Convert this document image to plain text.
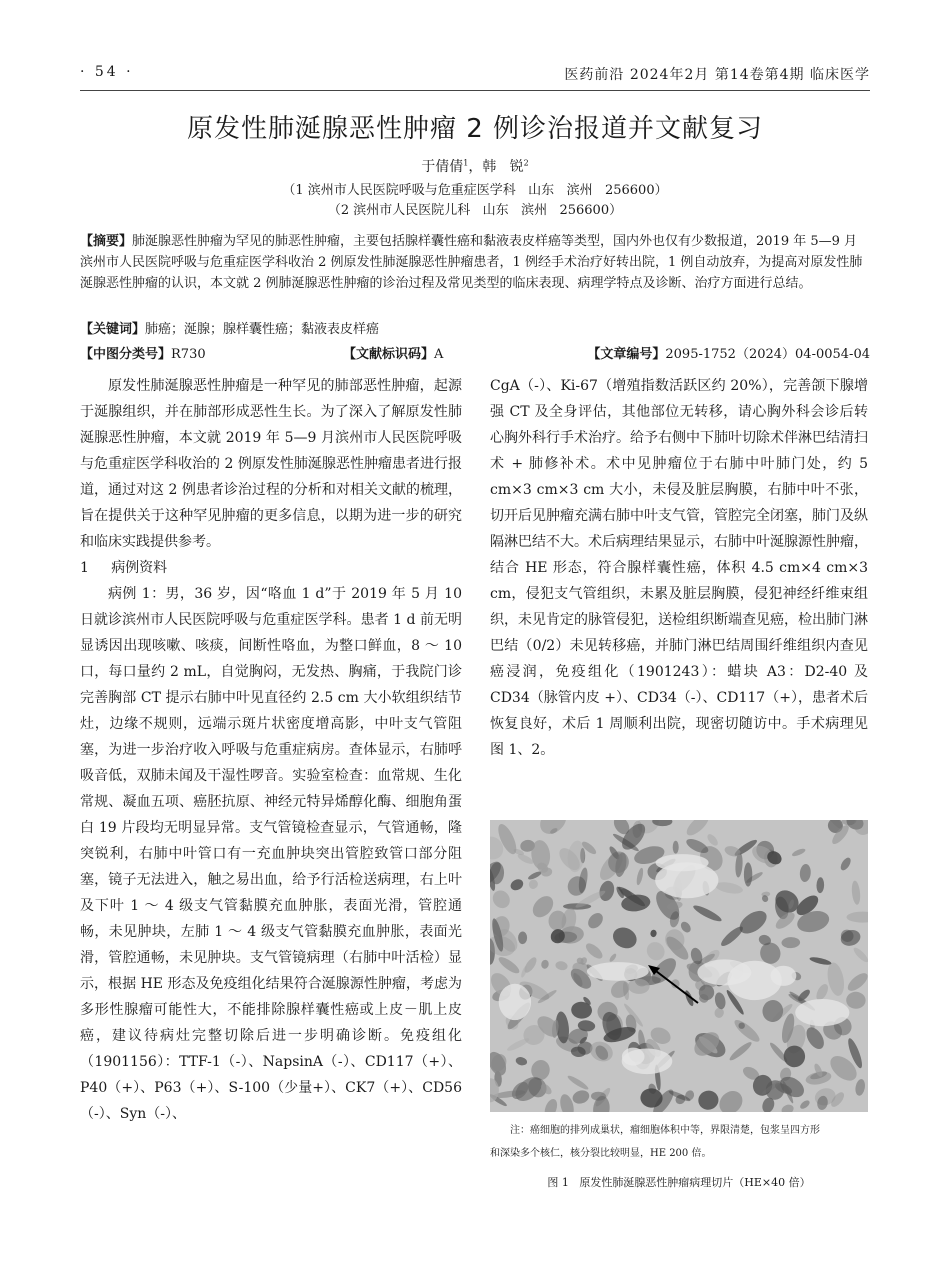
· 54 ·	医药前沿 2024年2月 第14卷第4期 临床医学
原发性肺涎腺恶性肿瘤 2 例诊治报道并文献复习
于倩倩$^1$，韩   锐$^2$
（1 滨州市人民医院呼吸与危重症医学科   山东   滨州   256600）
（2 滨州市人民医院儿科   山东   滨州   256600）
【摘要】肺涎腺恶性肿瘤为罕见的肺恶性肿瘤，主要包括腺样囊性癌和黏液表皮样癌等类型，国内外也仅有少数报道，2019 年 5—9 月滨州市人民医院呼吸与危重症医学科收治 2 例原发性肺涎腺恶性肿瘤患者，1 例经手术治疗好转出院，1 例自动放弃，为提高对原发性肺涎腺恶性肿瘤的认识，本文就 2 例肺涎腺恶性肿瘤的诊治过程及常见类型的临床表现、病理学特点及诊断、治疗方面进行总结。
【关键词】肺癌；涎腺；腺样囊性癌；黏液表皮样癌
【中图分类号】R730	【文献标识码】A	【文章编号】2095-1752（2024）04-0054-04

原发性肺涎腺恶性肿瘤是一种罕见的肺部恶性肿瘤，起源于涎腺组织，并在肺部形成恶性生长。为了深入了解原发性肺涎腺恶性肿瘤，本文就 2019 年 5—9 月滨州市人民医院呼吸与危重症医学科收治的 2 例原发性肺涎腺恶性肿瘤患者进行报道，通过对这 2 例患者诊治过程的分析和对相关文献的梳理，旨在提供关于这种罕见肿瘤的更多信息，以期为进一步的研究和临床实践提供参考。

1 病例资料

病例 1：男，36 岁，因“咯血 1 d”于 2019 年 5 月 10 日就诊滨州市人民医院呼吸与危重症医学科。患者 1 d 前无明显诱因出现咳嗽、咳痰，间断性咯血，为整口鲜血，8 ～ 10 口，每口量约 2 mL，自觉胸闷，无发热、胸痛，于我院门诊完善胸部 CT 提示右肺中叶见直径约 2.5 cm 大小软组织结节灶，边缘不规则，远端示斑片状密度增高影，中叶支气管阻塞，为进一步治疗收入呼吸与危重症病房。查体显示，右肺呼吸音低，双肺未闻及干湿性啰音。实验室检查：血常规、生化常规、凝血五项、癌胚抗原、神经元特异烯醇化酶、细胞角蛋白 19 片段均无明显异常。支气管镜检查显示，气管通畅，隆突锐利，右肺中叶管口有一充血肿块突出管腔致管口部分阻塞，镜子无法进入，触之易出血，给予行活检送病理，右上叶及下叶 1 ～ 4 级支气管黏膜充血肿胀，表面光滑，管腔通畅，未见肿块，左肺 1 ～ 4 级支气管黏膜充血肿胀，表面光滑，管腔通畅，未见肿块。支气管镜病理（右肺中叶活检）显示，根据 HE 形态及免疫组化结果符合涎腺源性肿瘤，考虑为多形性腺瘤可能性大，不能排除腺样囊性癌或上皮－肌上皮癌，建议待病灶完整切除后进一步明确诊断。免疫组化（1901156）：TTF-1（-）、NapsinA（-）、CD117（+）、P40（+）、P63（+）、S-100（少量+）、CK7（+）、CD56（-）、Syn（-）、

CgA（-）、Ki-67（增殖指数活跃区约 20%），完善颌下腺增强 CT 及全身评估，其他部位无转移，请心胸外科会诊后转心胸外科行手术治疗。给予右侧中下肺叶切除术伴淋巴结清扫术 + 肺修补术。术中见肿瘤位于右肺中叶肺门处，约 5 cm×3 cm×3 cm 大小，未侵及脏层胸膜，右肺中叶不张，切开后见肿瘤充满右肺中叶支气管，管腔完全闭塞，肺门及纵隔淋巴结不大。术后病理结果显示，右肺中叶涎腺源性肿瘤，结合 HE 形态，符合腺样囊性癌，体积 4.5 cm×4 cm×3 cm，侵犯支气管组织，未累及脏层胸膜，侵犯神经纤维束组织，未见肯定的脉管侵犯，送检组织断端查见癌，检出肺门淋巴结（0/2）未见转移癌，并肺门淋巴结周围纤维组织内查见癌浸润，免疫组化（1901243）：蜡块 A3：D2-40 及 CD34（脉管内皮 +）、CD34（-）、CD117（+），患者术后恢复良好，术后 1 周顺利出院，现密切随访中。手术病理见图 1、2。

注：癌细胞的排列成巢状，瘤细胞体积中等，界限清楚，包浆呈四方形
和深染多个核仁，核分裂比较明显，HE 200 倍。
图 1   原发性肺涎腺恶性肿瘤病理切片（HE×40 倍）
